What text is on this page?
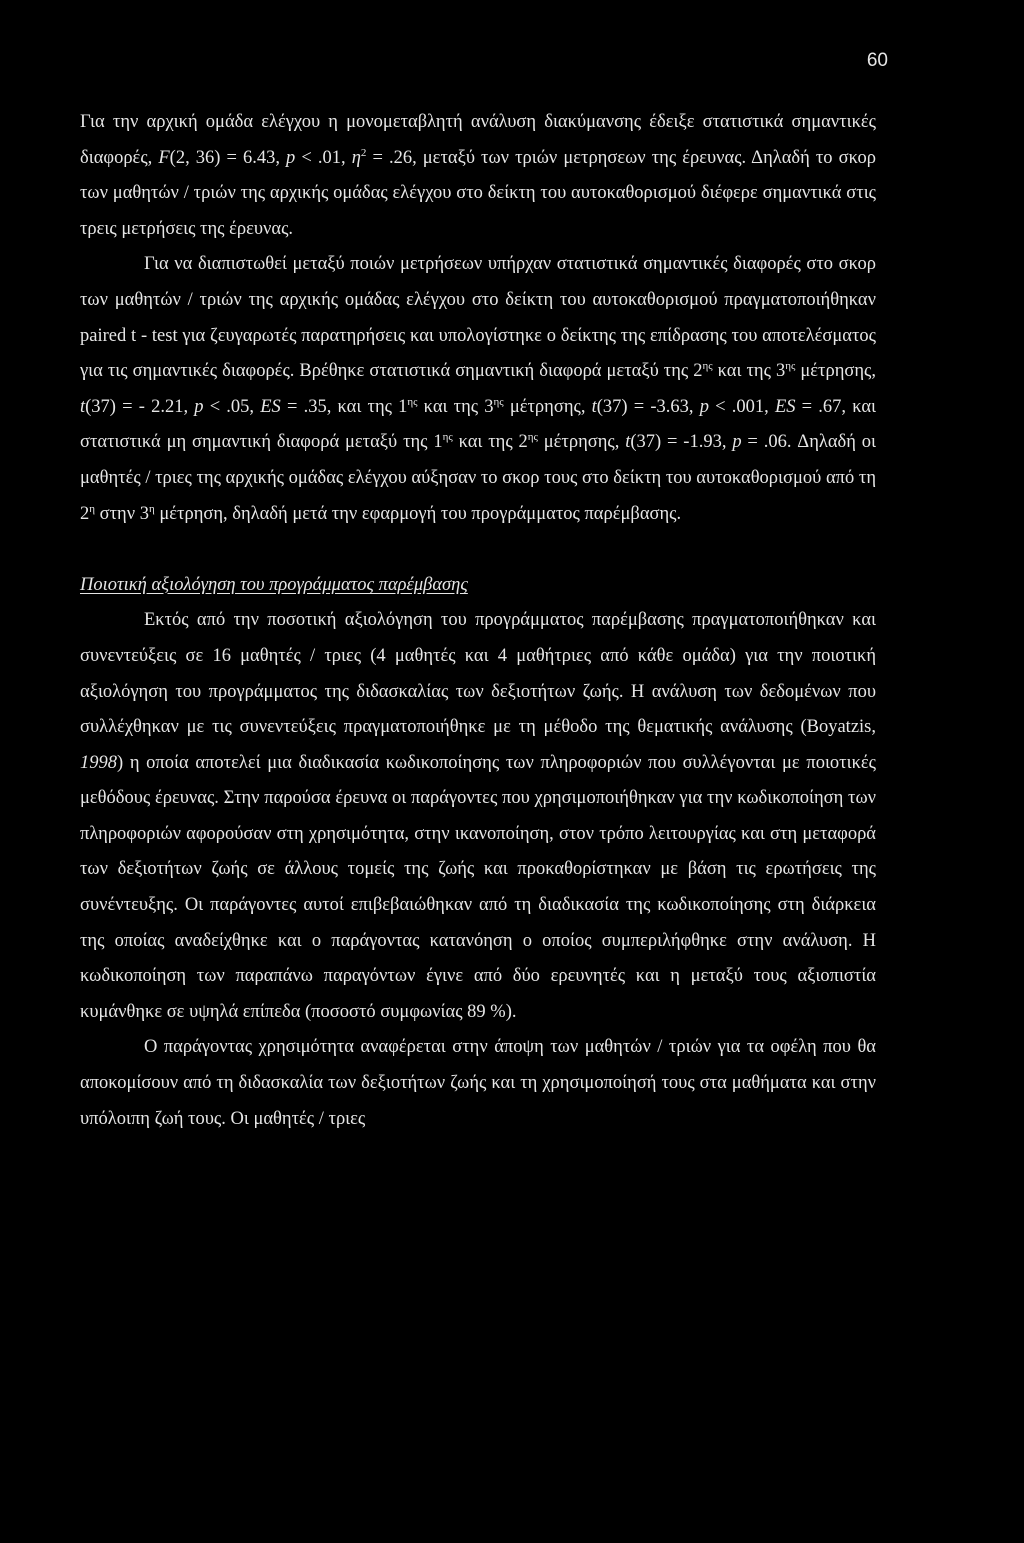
60

Για την αρχική ομάδα ελέγχου η μονομεταβλητή ανάλυση διακύμανσης έδειξε στατιστικά σημαντικές διαφορές, F(2, 36) = 6.43, p < .01, $\eta^2 = .26$, μεταξύ των τριών μετρησεων της έρευνας. Δηλαδή το σκορ των μαθητών / τριών της αρχικής ομάδας ελέγχου στο δείκτη του αυτοκαθορισμού διέφερε σημαντικά στις τρεις μετρήσεις της έρευνας.

Για να διαπιστωθεί μεταξύ ποιών μετρήσεων υπήρχαν στατιστικά σημαντικές διαφορές στο σκορ των μαθητών / τριών της αρχικής ομάδας ελέγχου στο δείκτη του αυτοκαθορισμού πραγματοποιήθηκαν paired t - test για ζευγαρωτές παρατηρήσεις και υπολογίστηκε ο δείκτης της επίδρασης του αποτελέσματος για τις σημαντικές διαφορές. Βρέθηκε στατιστικά σημαντική διαφορά μεταξύ της $2^{\eta\varsigma}$ και της $3^{\eta\varsigma}$ μέτρησης, t(37) = - 2.21, p < .05, ES = .35, και της $1^{\eta\varsigma}$ και της $3^{\eta\varsigma}$ μέτρησης, t(37) = -3.63, p < .001, ES = .67, και στατιστικά μη σημαντική διαφορά μεταξύ της $1^{\eta\varsigma}$ και της $2^{\eta\varsigma}$ μέτρησης, t(37) = -1.93, p = .06. Δηλαδή οι μαθητές / τριες της αρχικής ομάδας ελέγχου αύξησαν το σκορ τους στο δείκτη του αυτοκαθορισμού από τη $2^\eta$ στην $3^\eta$ μέτρηση, δηλαδή μετά την εφαρμογή του προγράμματος παρέμβασης.

Ποιοτική αξιολόγηση του προγράμματος παρέμβασης

Εκτός από την ποσοτική αξιολόγηση του προγράμματος παρέμβασης πραγματοποιήθηκαν και συνεντεύξεις σε 16 μαθητές / τριες (4 μαθητές και 4 μαθήτριες από κάθε ομάδα) για την ποιοτική αξιολόγηση του προγράμματος της διδασκαλίας των δεξιοτήτων ζωής. Η ανάλυση των δεδομένων που συλλέχθηκαν με τις συνεντεύξεις πραγματοποιήθηκε με τη μέθοδο της θεματικής ανάλυσης (Boyatzis, 1998) η οποία αποτελεί μια διαδικασία κωδικοποίησης των πληροφοριών που συλλέγονται με ποιοτικές μεθόδους έρευνας. Στην παρούσα έρευνα οι παράγοντες που χρησιμοποιήθηκαν για την κωδικοποίηση των πληροφοριών αφορούσαν στη χρησιμότητα, στην ικανοποίηση, στον τρόπο λειτουργίας και στη μεταφορά των δεξιοτήτων ζωής σε άλλους τομείς της ζωής και προκαθορίστηκαν με βάση τις ερωτήσεις της συνέντευξης. Οι παράγοντες αυτοί επιβεβαιώθηκαν από τη διαδικασία της κωδικοποίησης στη διάρκεια της οποίας αναδείχθηκε και ο παράγοντας κατανόηση ο οποίος συμπεριλήφθηκε στην ανάλυση. Η κωδικοποίηση των παραπάνω παραγόντων έγινε από δύο ερευνητές και η μεταξύ τους αξιοπιστία κυμάνθηκε σε υψηλά επίπεδα (ποσοστό συμφωνίας 89 %).

Ο παράγοντας χρησιμότητα αναφέρεται στην άποψη των μαθητών / τριών για τα οφέλη που θα αποκομίσουν από τη διδασκαλία των δεξιοτήτων ζωής και τη χρησιμοποίησή τους στα μαθήματα και στην υπόλοιπη ζωή τους. Οι μαθητές / τριες
